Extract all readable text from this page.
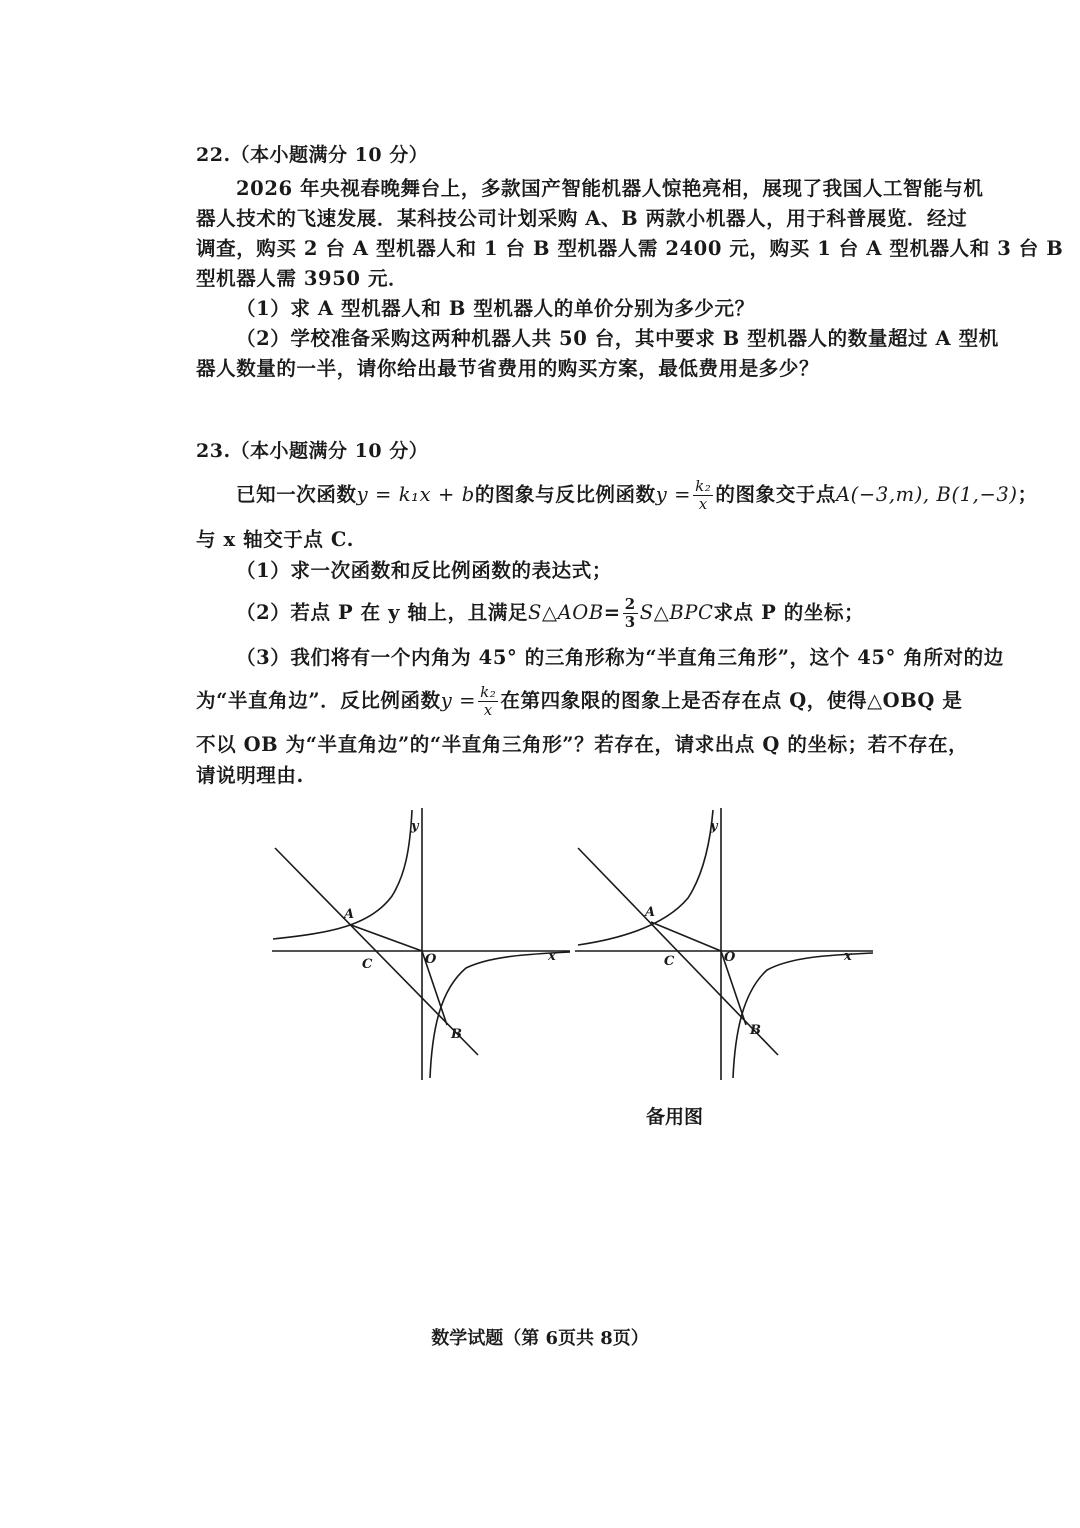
22.（本小题满分 10 分）
2026 年央视春晚舞台上，多款国产智能机器人惊艳亮相，展现了我国人工智能与机
器人技术的飞速发展．某科技公司计划采购 A、B 两款小机器人，用于科普展览．经过
调查，购买 2 台 A 型机器人和 1 台 B 型机器人需 2400 元，购买 1 台 A 型机器人和 3 台 B
型机器人需 3950 元．
（1）求 A 型机器人和 B 型机器人的单价分别为多少元？
（2）学校准备采购这两种机器人共 50 台，其中要求 B 型机器人的数量超过 A 型机
器人数量的一半，请你给出最节省费用的购买方案，最低费用是多少？
23.（本小题满分 10 分）
已知一次函数y = k₁x + b的图象与反比例函数$y = \frac{\text{k₂}}{x}$ 的图象交于点A(−3,m), B(1,−3)；
与 x 轴交于点 C.
（1）求一次函数和反比例函数的表达式；
（2）若点 P 在 y 轴上，且满足S△AOB= $\frac{2}{3}$ S△BPC求点 P 的坐标；
（3）我们将有一个内角为 45° 的三角形称为“半直角三角形”，这个 45° 角所对的边
为“半直角边”．反比例函数$y = \frac{\text{k₂}}{x}$ 在第四象限的图象上是否存在点 Q，使得△OBQ 是
不以 OB 为“半直角边”的“半直角三角形”？若存在，请求出点 Q 的坐标；若不存在，
请说明理由.
A
C	O	x
y
B
A
C	O	x
y
B
备用图
数学试题（第 6页共 8页）
